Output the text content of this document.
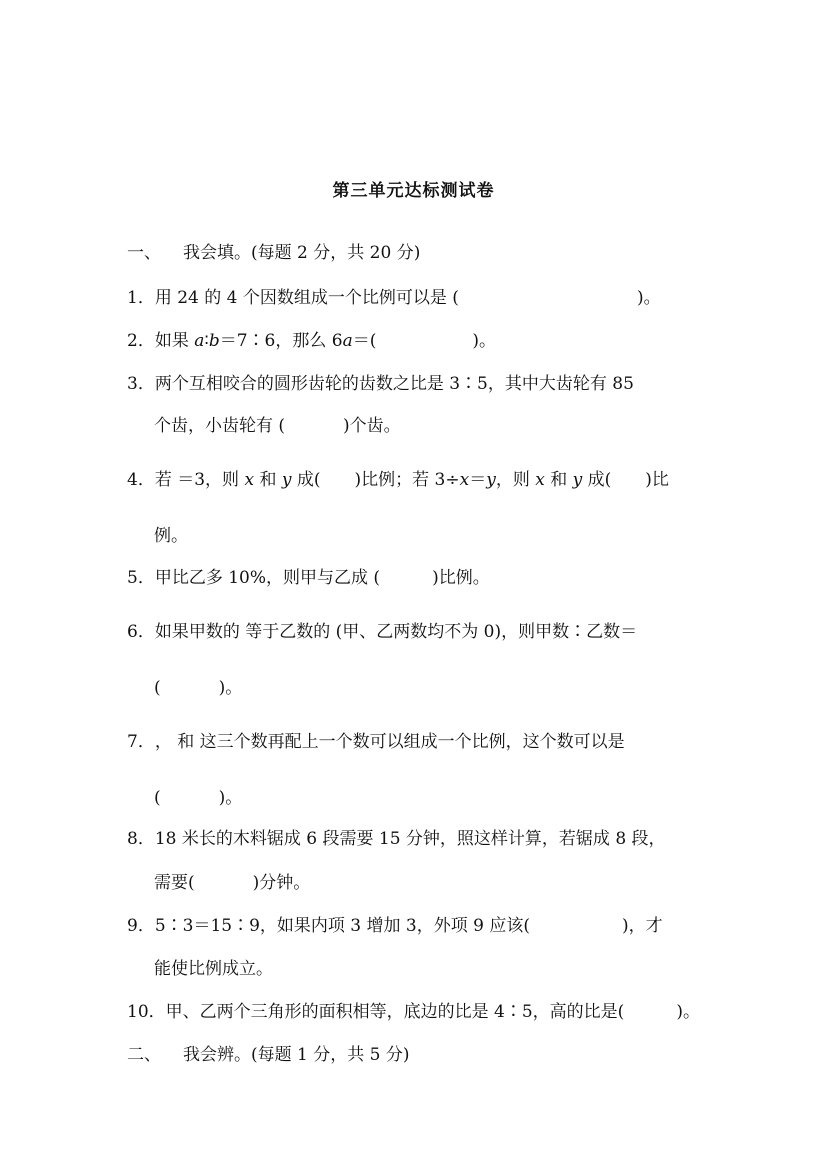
第三单元达标测试卷
一、 我会填。(每题 2 分，共 20 分)
1．用 24 的 4 个因数组成一个比例可以是 (	)。
2．如果 a∶b＝7∶6，那么 6a＝(	)。
3．两个互相咬合的圆形齿轮的齿数之比是 3∶5，其中大齿轮有 85
个齿，小齿轮有 (	)个齿。
4．若 ＝3，则 x 和 y 成( )比例；若 3÷x＝y，则 x 和 y 成( )比
例。
5．甲比乙多 10%，则甲与乙成 (	)比例。
6．如果甲数的 等于乙数的 (甲、乙两数均不为 0)，则甲数∶乙数＝
(	)。
7．， 和 这三个数再配上一个数可以组成一个比例，这个数可以是
(	)。
8．18 米长的木料锯成 6 段需要 15 分钟，照这样计算，若锯成 8 段，
需要(	)分钟。
9．5∶3＝15∶9，如果内项 3 增加 3，外项 9 应该(	)，才
能使比例成立。
10．甲、乙两个三角形的面积相等，底边的比是 4∶5，高的比是(	)。
二、 我会辨。(每题 1 分，共 5 分)
